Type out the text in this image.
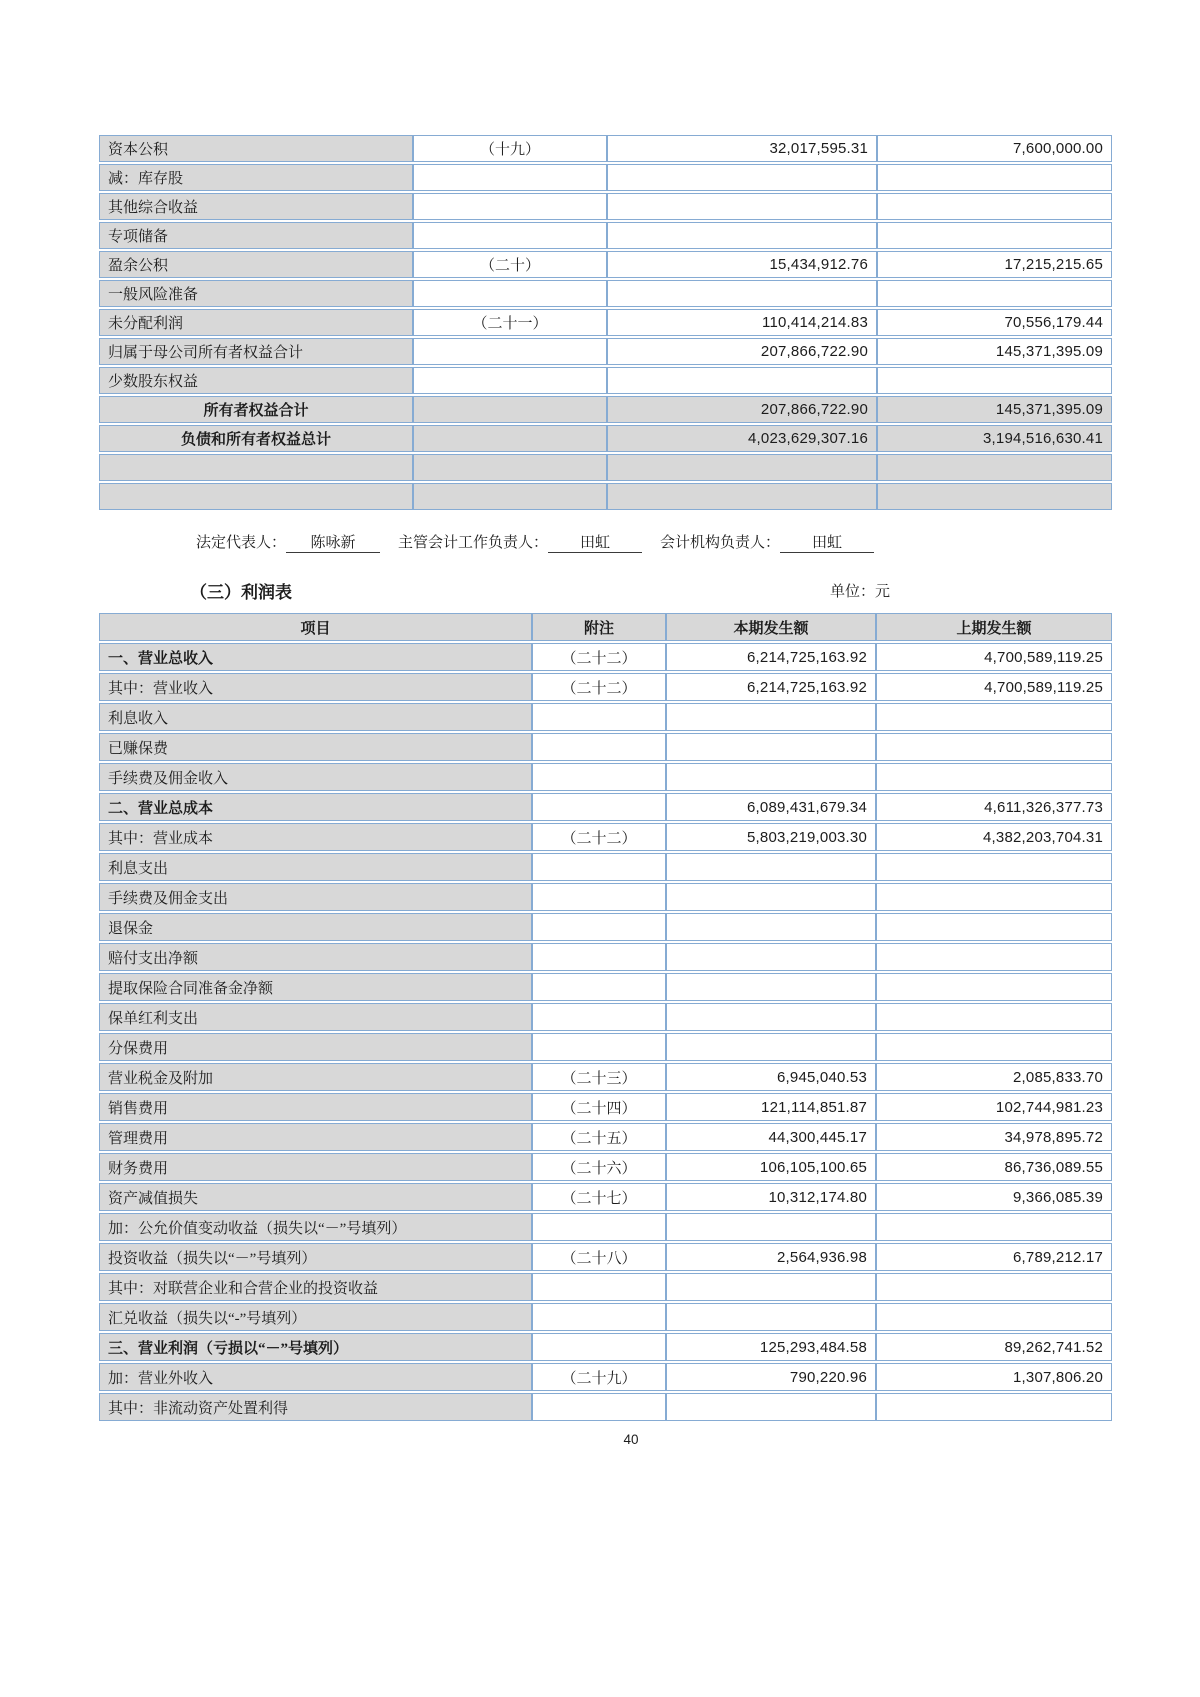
资本公积	（十九）	32,017,595.31	7,600,000.00
减：库存股			
其他综合收益			
专项储备			
盈余公积	（二十）	15,434,912.76	17,215,215.65
一般风险准备			
未分配利润	（二十一）	110,414,214.83	70,556,179.44
归属于母公司所有者权益合计		207,866,722.90	145,371,395.09
少数股东权益			
所有者权益合计		207,866,722.90	145,371,395.09
负债和所有者权益总计		4,023,629,307.16	3,194,516,630.41

法定代表人： 陈咏新	主管会计工作负责人： 田虹	会计机构负责人： 田虹
（三）利润表	单位：元
项目	附注	本期发生额	上期发生额
一、营业总收入	（二十二）	6,214,725,163.92	4,700,589,119.25
其中：营业收入	（二十二）	6,214,725,163.92	4,700,589,119.25
利息收入			
已赚保费			
手续费及佣金收入			
二、营业总成本		6,089,431,679.34	4,611,326,377.73
其中：营业成本	（二十二）	5,803,219,003.30	4,382,203,704.31
利息支出			
手续费及佣金支出			
退保金			
赔付支出净额			
提取保险合同准备金净额			
保单红利支出			
分保费用			
营业税金及附加	（二十三）	6,945,040.53	2,085,833.70
销售费用	（二十四）	121,114,851.87	102,744,981.23
管理费用	（二十五）	44,300,445.17	34,978,895.72
财务费用	（二十六）	106,105,100.65	86,736,089.55
资产减值损失	（二十七）	10,312,174.80	9,366,085.39
加：公允价值变动收益（损失以“－”号填列）			
投资收益（损失以“－”号填列）	（二十八）	2,564,936.98	6,789,212.17
其中：对联营企业和合营企业的投资收益			
汇兑收益（损失以“-”号填列）			
三、营业利润（亏损以“－”号填列）		125,293,484.58	89,262,741.52
加：营业外收入	（二十九）	790,220.96	1,307,806.20
其中：非流动资产处置利得			
40
